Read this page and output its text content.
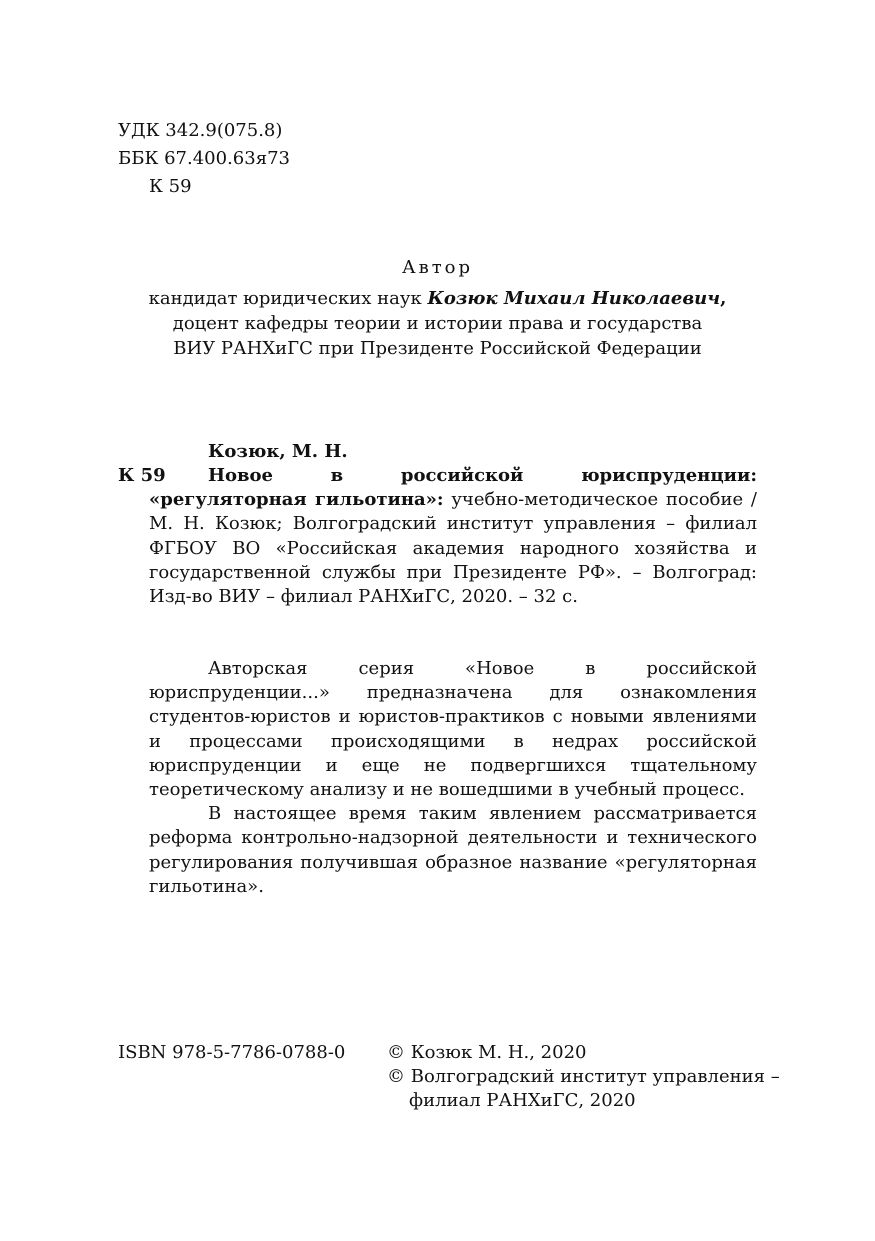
УДК 342.9(075.8)
ББК 67.400.63я73
К 59
Автор
кандидат юридических наук Козюк Михаил Николаевич,
доцент кафедры теории и истории права и государства
ВИУ РАНХиГС при Президенте Российской Федерации
Козюк, М. Н.
К 59	Новое в российской юриспруденции: «регуляторная гильотина»: учебно-методическое пособие / М. Н. Козюк; Волгоградский институт управления – филиал ФГБОУ ВО «Российская академия народного хозяйства и государственной службы при Президенте РФ». – Волгоград: Изд-во ВИУ – филиал РАНХиГС, 2020. – 32 с.

Авторская серия «Новое в российской юриспруденции...» предназначена для ознакомления студентов-юристов и юристов-практиков с новыми явлениями и процессами происходящими в недрах российской юриспруденции и еще не подвергшихся тщательному теоретическому анализу и не вошедшими в учебный процесс.

В настоящее время таким явлением рассматривается реформа контрольно-надзорной деятельности и технического регулирования получившая образное название «регуляторная гильотина».

ISBN 978-5-7786-0788-0 © Козюк М. Н., 2020
© Волгоградский институт управления –
филиал РАНХиГС, 2020
